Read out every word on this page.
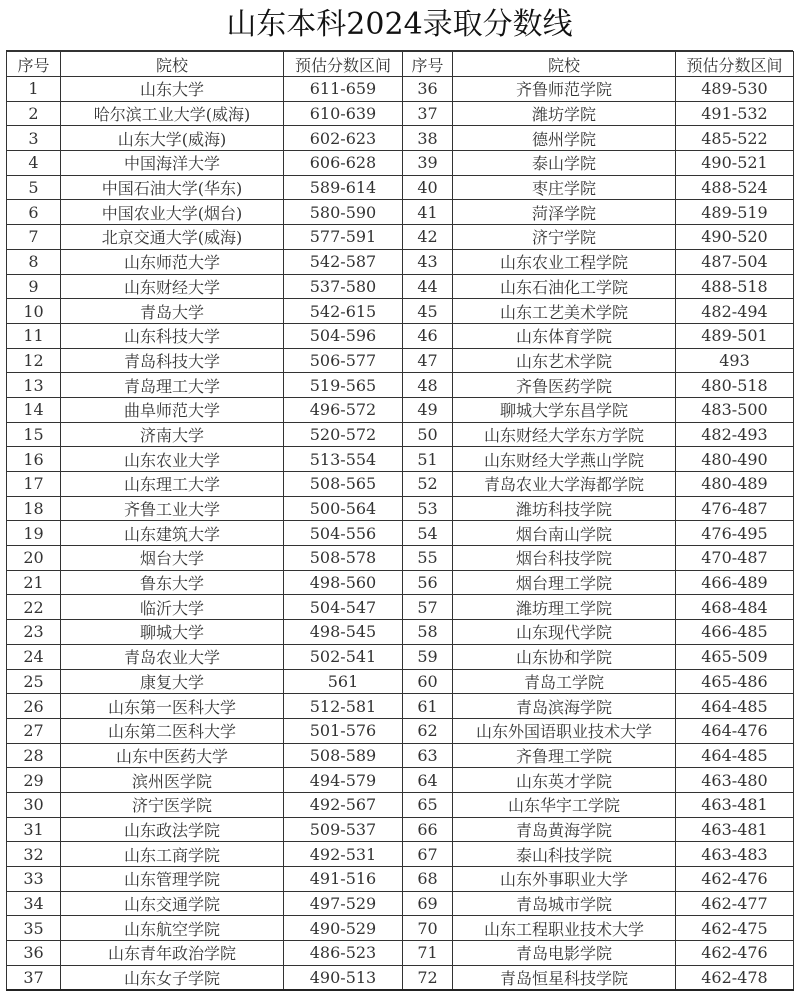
山东本科2024录取分数线
序号	院校	预估分数区间	序号	院校	预估分数区间
1	山东大学	611-659	36	齐鲁师范学院	489-530
2	哈尔滨工业大学(威海)	610-639	37	潍坊学院	491-532
3	山东大学(威海)	602-623	38	德州学院	485-522
4	中国海洋大学	606-628	39	泰山学院	490-521
5	中国石油大学(华东)	589-614	40	枣庄学院	488-524
6	中国农业大学(烟台)	580-590	41	菏泽学院	489-519
7	北京交通大学(威海)	577-591	42	济宁学院	490-520
8	山东师范大学	542-587	43	山东农业工程学院	487-504
9	山东财经大学	537-580	44	山东石油化工学院	488-518
10	青岛大学	542-615	45	山东工艺美术学院	482-494
11	山东科技大学	504-596	46	山东体育学院	489-501
12	青岛科技大学	506-577	47	山东艺术学院	493
13	青岛理工大学	519-565	48	齐鲁医药学院	480-518
14	曲阜师范大学	496-572	49	聊城大学东昌学院	483-500
15	济南大学	520-572	50	山东财经大学东方学院	482-493
16	山东农业大学	513-554	51	山东财经大学燕山学院	480-490
17	山东理工大学	508-565	52	青岛农业大学海都学院	480-489
18	齐鲁工业大学	500-564	53	潍坊科技学院	476-487
19	山东建筑大学	504-556	54	烟台南山学院	476-495
20	烟台大学	508-578	55	烟台科技学院	470-487
21	鲁东大学	498-560	56	烟台理工学院	466-489
22	临沂大学	504-547	57	潍坊理工学院	468-484
23	聊城大学	498-545	58	山东现代学院	466-485
24	青岛农业大学	502-541	59	山东协和学院	465-509
25	康复大学	561	60	青岛工学院	465-486
26	山东第一医科大学	512-581	61	青岛滨海学院	464-485
27	山东第二医科大学	501-576	62	山东外国语职业技术大学	464-476
28	山东中医药大学	508-589	63	齐鲁理工学院	464-485
29	滨州医学院	494-579	64	山东英才学院	463-480
30	济宁医学院	492-567	65	山东华宇工学院	463-481
31	山东政法学院	509-537	66	青岛黄海学院	463-481
32	山东工商学院	492-531	67	泰山科技学院	463-483
33	山东管理学院	491-516	68	山东外事职业大学	462-476
34	山东交通学院	497-529	69	青岛城市学院	462-477
35	山东航空学院	490-529	70	山东工程职业技术大学	462-475
36	山东青年政治学院	486-523	71	青岛电影学院	462-476
37	山东女子学院	490-513	72	青岛恒星科技学院	462-478
